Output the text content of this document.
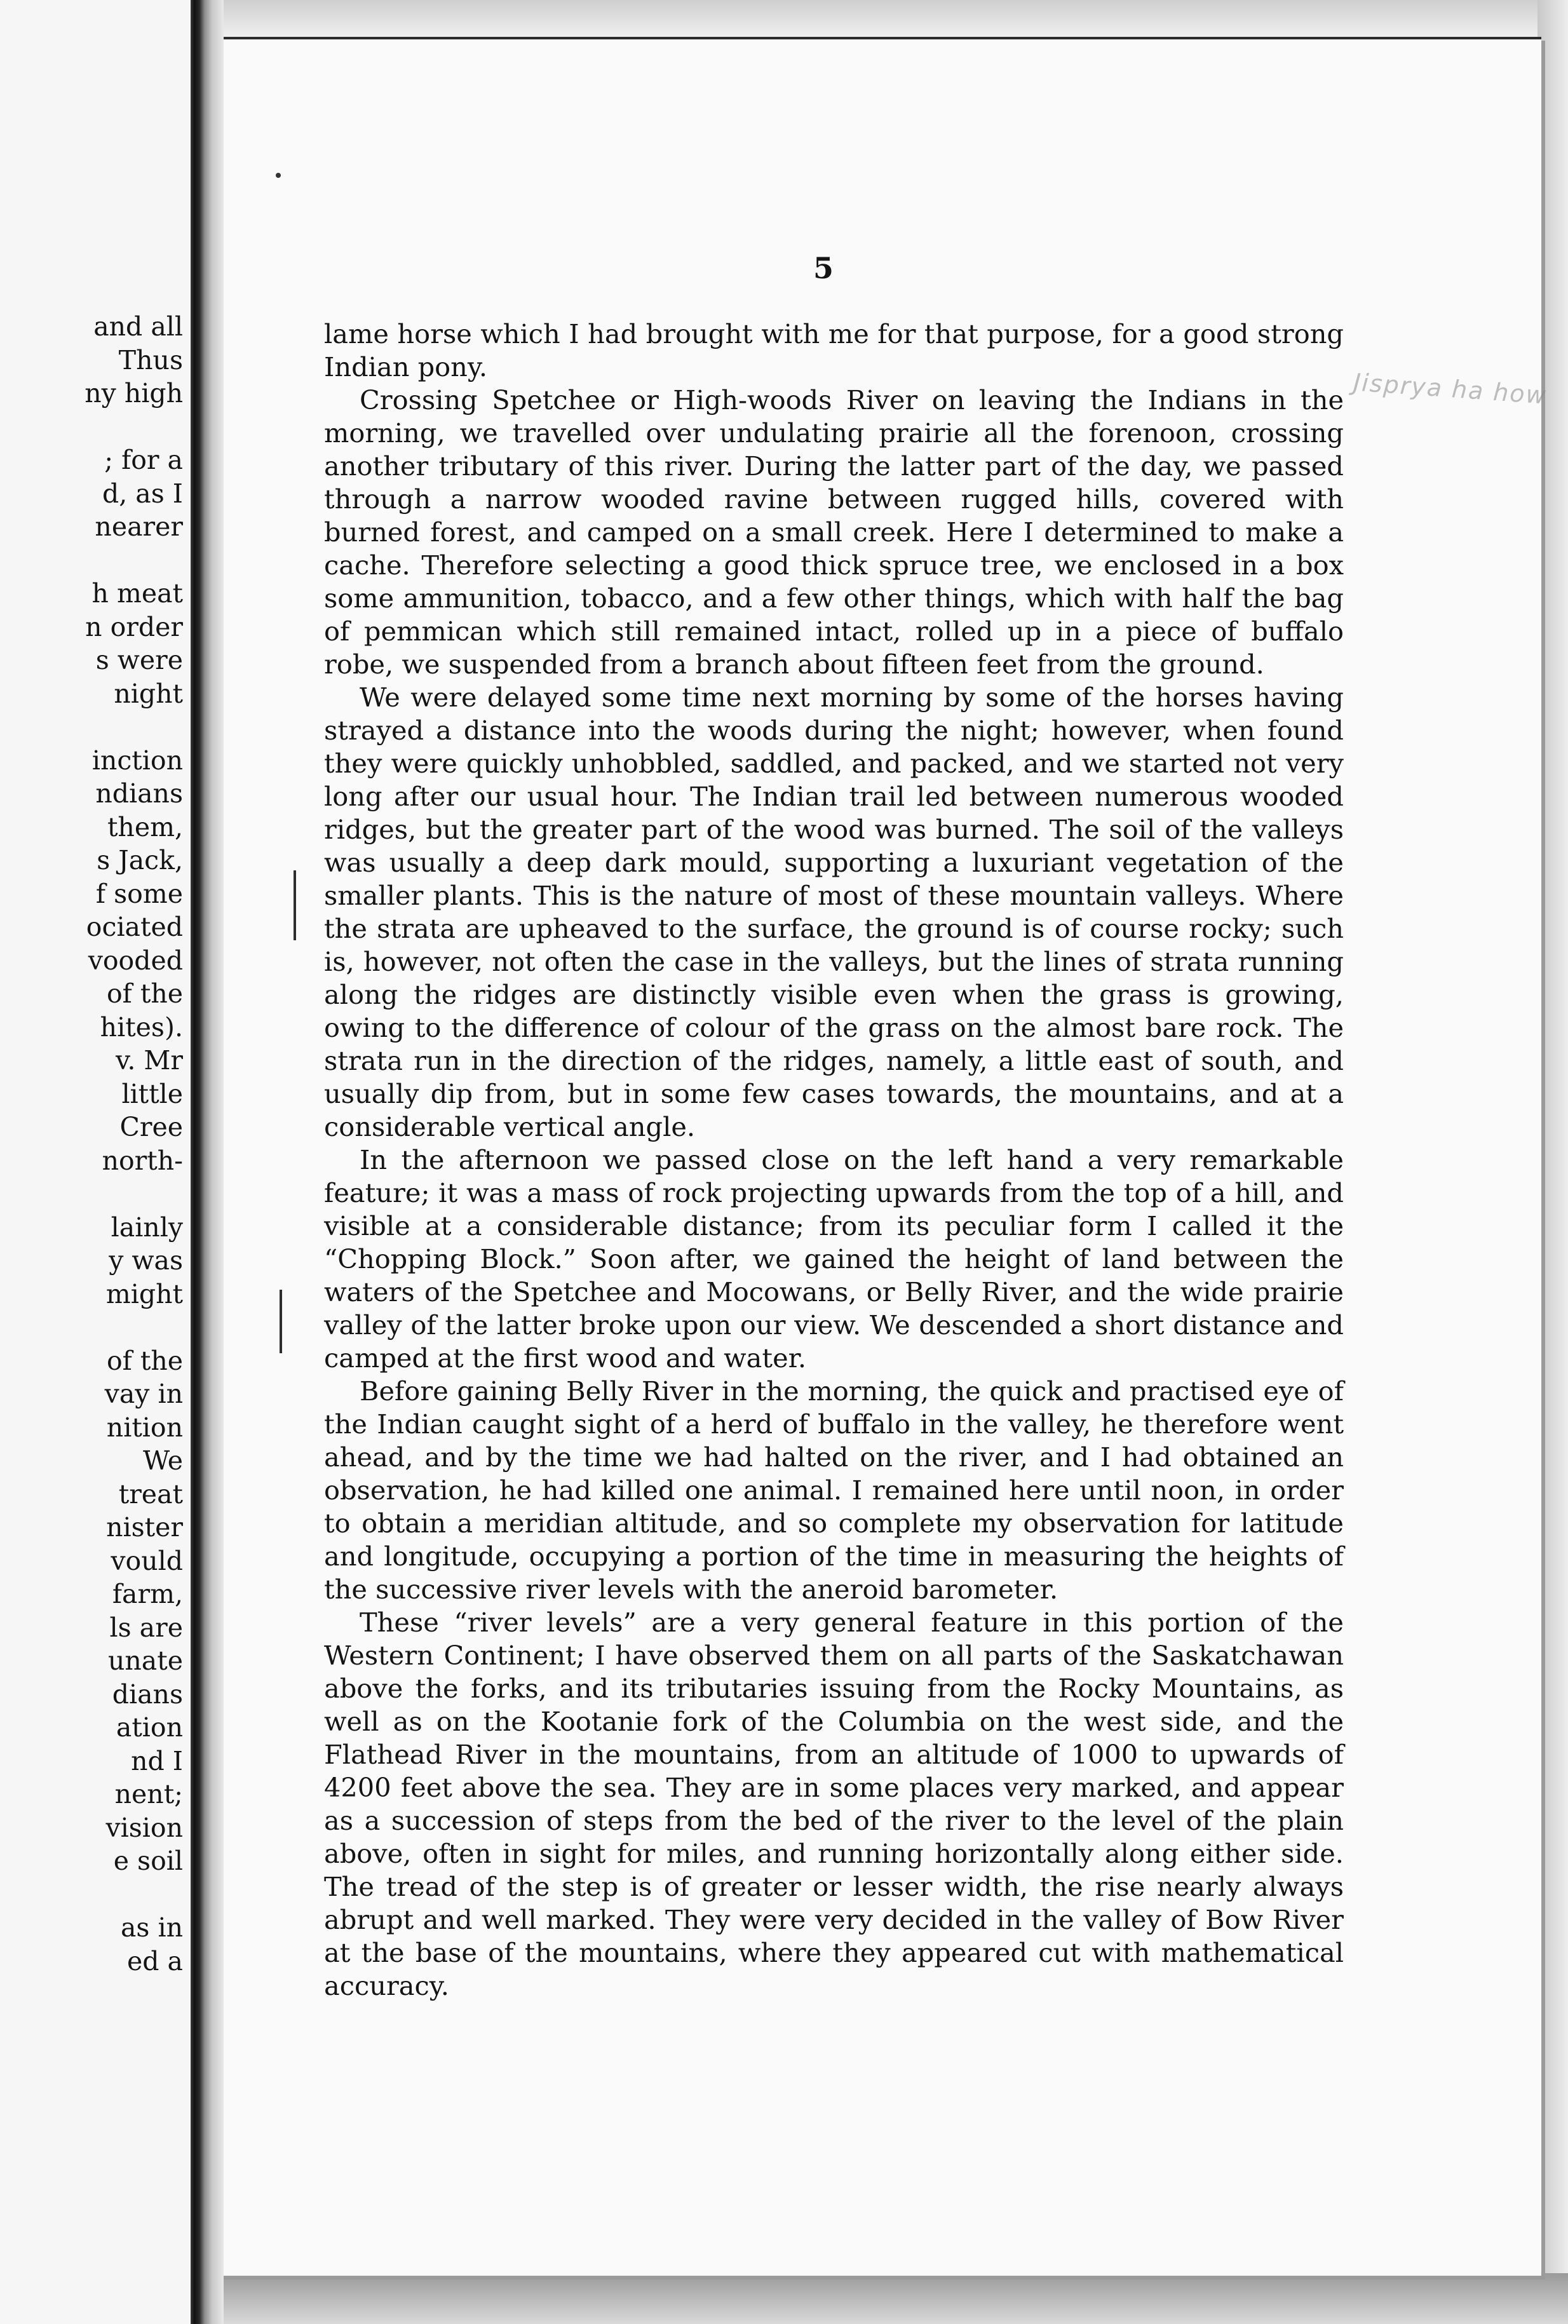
and all
Thus
ny high
; for a
d, as I
nearer
h meat
n order
s were
night
inction
ndians
them,
s Jack,
f some
ociated
vooded
of the
hites).
v. Mr
little
Cree
north-
lainly
y was
might
of the
vay in
nition
We
treat
nister
vould
farm,
ls are
unate
dians
ation
nd I
nent;
vision
e soil
as in
ed a
5

lame horse which I had brought with me for that purpose, for a good strong Indian pony.

Crossing Spetchee or High-woods River on leaving the Indians in the morning, we travelled over undulating prairie all the forenoon, crossing another tributary of this river. During the latter part of the day, we passed through a narrow wooded ravine between rugged hills, covered with burned forest, and camped on a small creek. Here I determined to make a cache. Therefore selecting a good thick spruce tree, we enclosed in a box some ammunition, tobacco, and a few other things, which with half the bag of pemmican which still remained intact, rolled up in a piece of buffalo robe, we suspended from a branch about fifteen feet from the ground.

We were delayed some time next morning by some of the horses having strayed a distance into the woods during the night; however, when found they were quickly unhobbled, saddled, and packed, and we started not very long after our usual hour. The Indian trail led between numerous wooded ridges, but the greater part of the wood was burned. The soil of the valleys was usually a deep dark mould, supporting a luxuriant vegetation of the smaller plants. This is the nature of most of these mountain valleys. Where the strata are upheaved to the surface, the ground is of course rocky; such is, however, not often the case in the valleys, but the lines of strata running along the ridges are distinctly visible even when the grass is growing, owing to the difference of colour of the grass on the almost bare rock. The strata run in the direction of the ridges, namely, a little east of south, and usually dip from, but in some few cases towards, the mountains, and at a considerable vertical angle.

In the afternoon we passed close on the left hand a very remarkable feature; it was a mass of rock projecting upwards from the top of a hill, and visible at a considerable distance; from its peculiar form I called it the “Chopping Block.” Soon after, we gained the height of land between the waters of the Spetchee and Mocowans, or Belly River, and the wide prairie valley of the latter broke upon our view. We descended a short distance and camped at the first wood and water.

Before gaining Belly River in the morning, the quick and practised eye of the Indian caught sight of a herd of buffalo in the valley, he therefore went ahead, and by the time we had halted on the river, and I had obtained an observation, he had killed one animal. I remained here until noon, in order to obtain a meridian altitude, and so complete my observation for latitude and longitude, occupying a portion of the time in measuring the heights of the successive river levels with the aneroid barometer.

These “river levels” are a very general feature in this portion of the Western Continent; I have observed them on all parts of the Saskatchawan above the forks, and its tributaries issuing from the Rocky Mountains, as well as on the Kootanie fork of the Columbia on the west side, and the Flathead River in the mountains, from an altitude of 1000 to upwards of 4200 feet above the sea. They are in some places very marked, and appear as a succession of steps from the bed of the river to the level of the plain above, often in sight for miles, and running horizontally along either side. The tread of the step is of greater or lesser width, the rise nearly always abrupt and well marked. They were very decided in the valley of Bow River at the base of the mountains, where they appeared cut with mathematical accuracy.

Jisprya ha how
